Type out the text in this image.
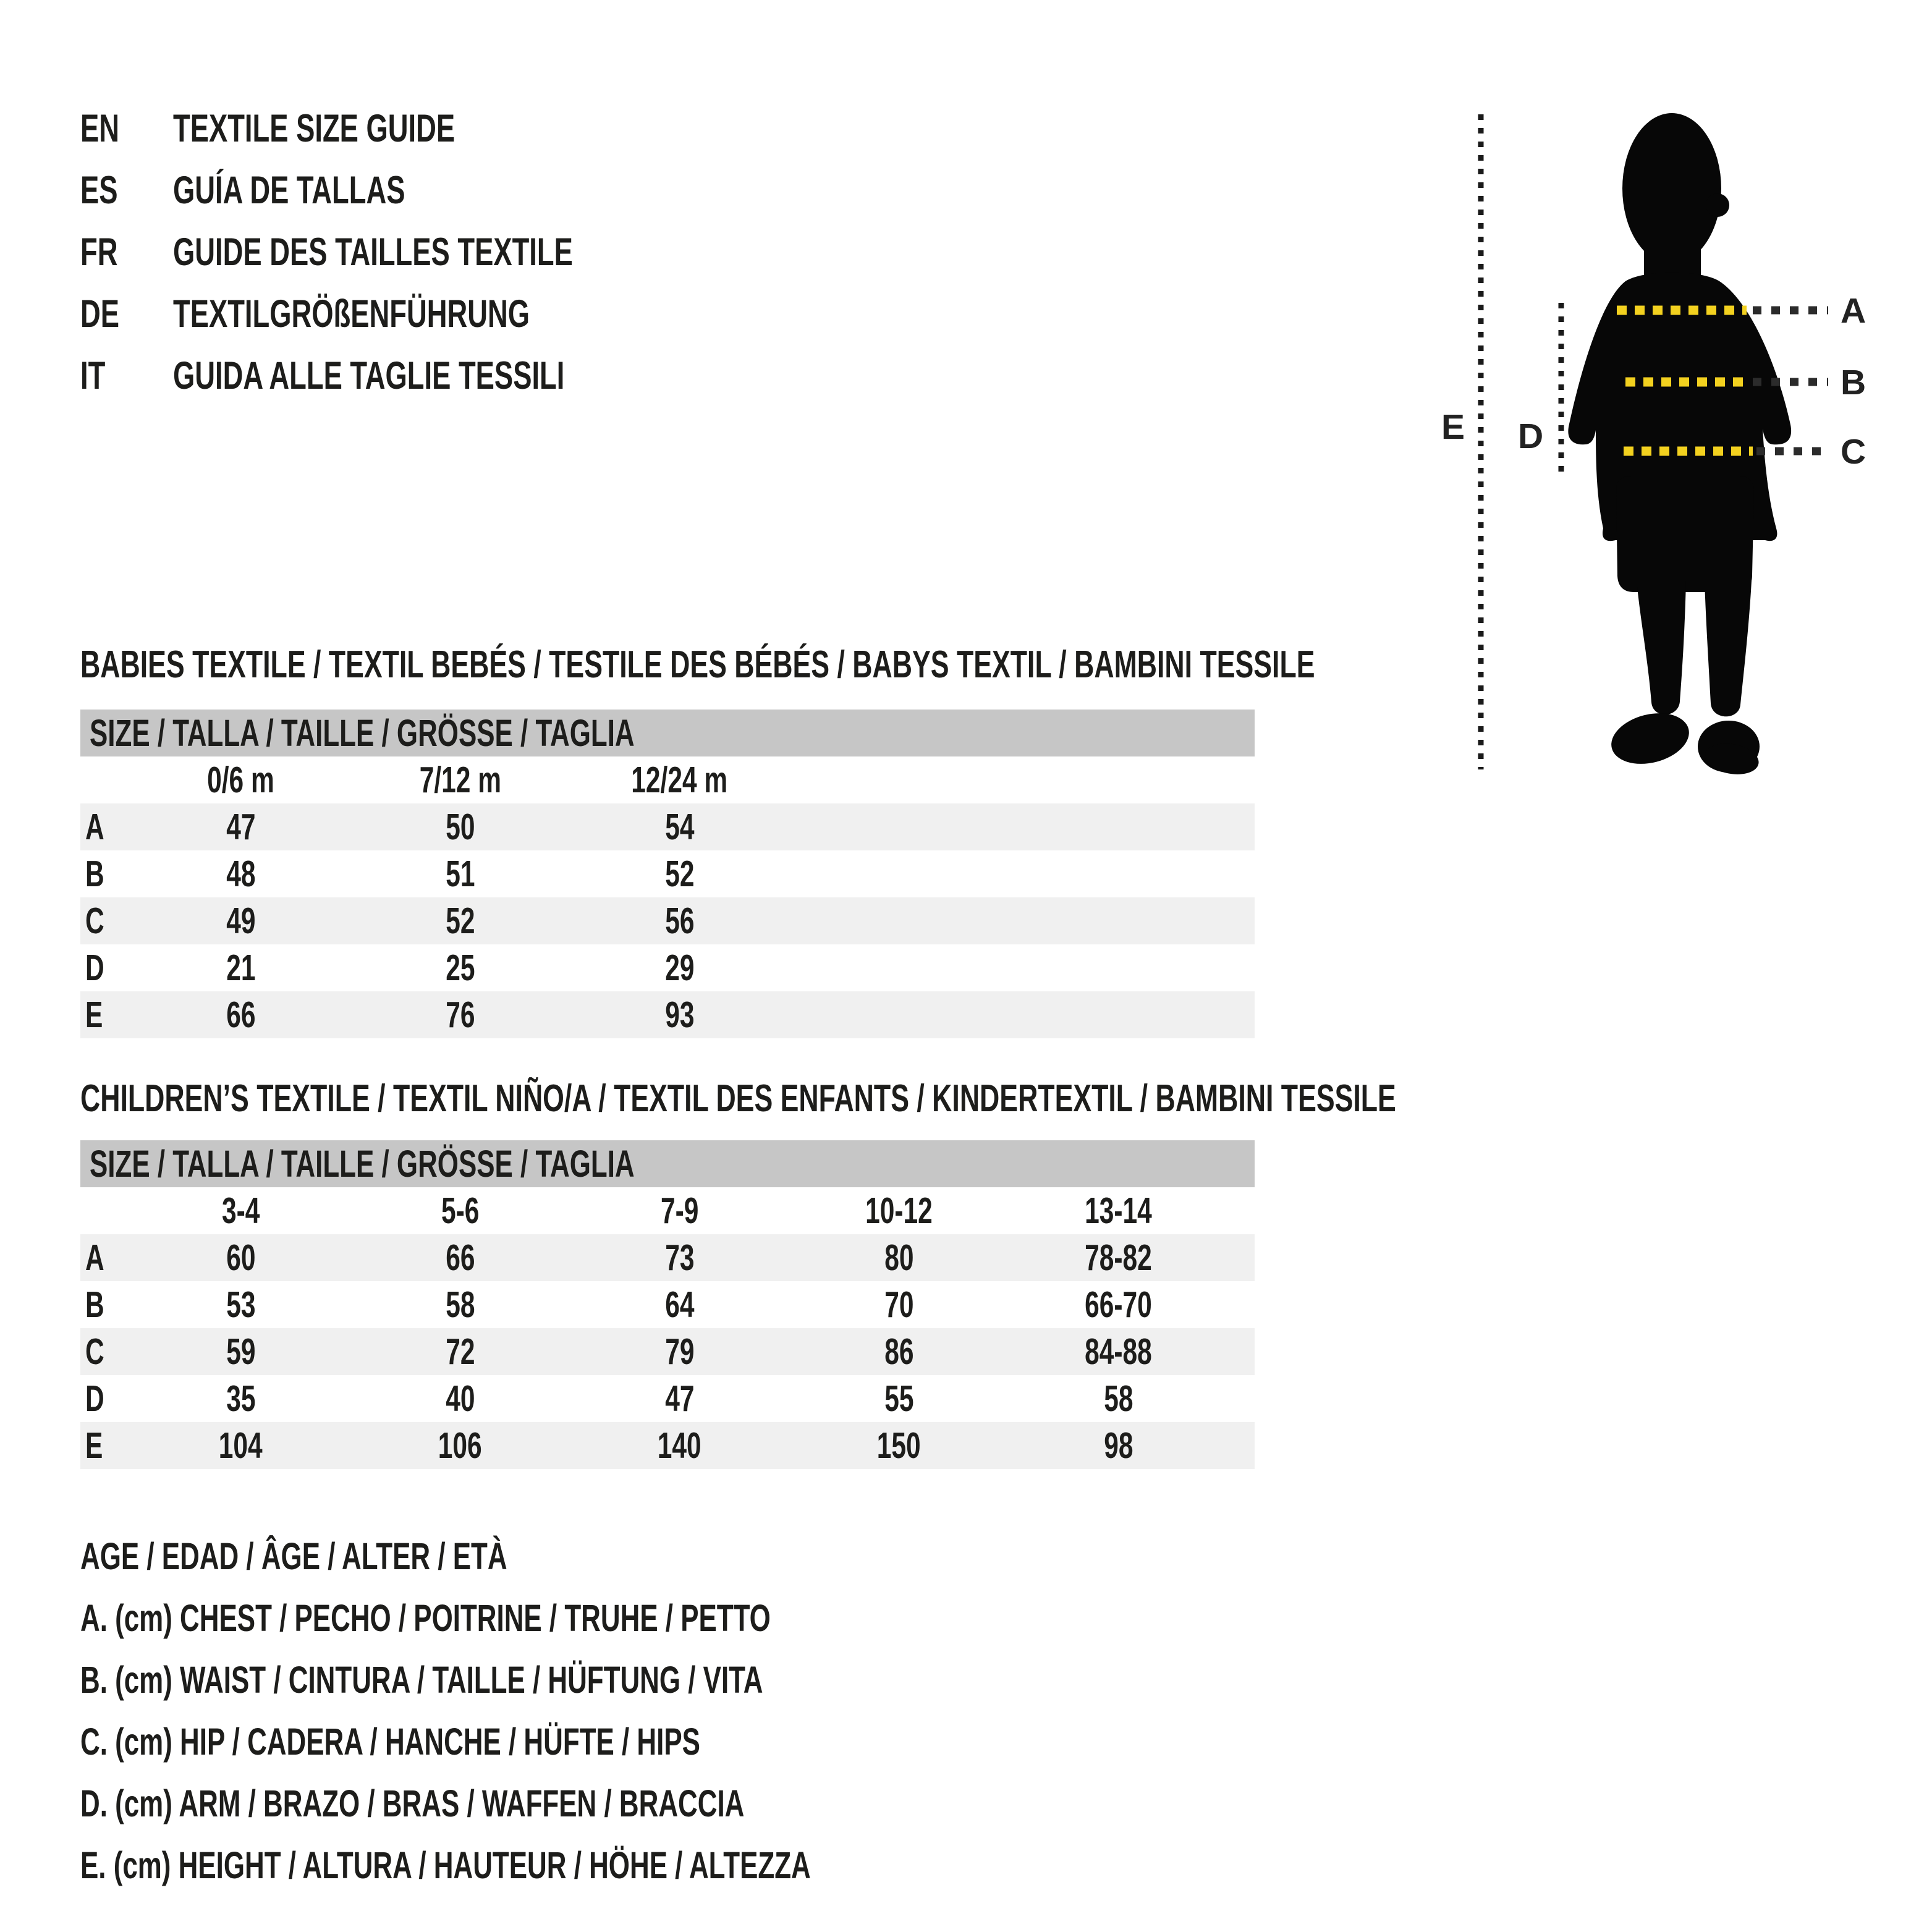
EN	TEXTILE SIZE GUIDE
ES	GUÍA DE TALLAS
FR	GUIDE DES TAILLES TEXTILE
DE	TEXTILGRÖßENFÜHRUNG
IT	GUIDA ALLE TAGLIE TESSILI
A
B
C
D
E
BABIES TEXTILE / TEXTIL BEBÉS / TESTILE DES BÉBÉS / BABYS TEXTIL / BAMBINI TESSILE
SIZE / TALLA / TAILLE / GRÖSSE / TAGLIA
	0/6 m	7/12 m	12/24 m	
A	47	50	54	
B	48	51	52	
C	49	52	56	
D	21	25	29	
E	66	76	93	
CHILDREN’S TEXTILE / TEXTIL NIÑO/A / TEXTIL DES ENFANTS / KINDERTEXTIL / BAMBINI TESSILE
SIZE / TALLA / TAILLE / GRÖSSE / TAGLIA
	3-4	5-6	7-9	10-12	13-14	
A	60	66	73	80	78-82	
B	53	58	64	70	66-70	
C	59	72	79	86	84-88	
D	35	40	47	55	58	
E	104	106	140	150	98	
AGE / EDAD / ÂGE / ALTER / ETÀ
A. (cm) CHEST / PECHO / POITRINE / TRUHE / PETTO
B. (cm) WAIST / CINTURA / TAILLE / HÜFTUNG / VITA
C. (cm) HIP / CADERA / HANCHE / HÜFTE / HIPS
D. (cm) ARM / BRAZO / BRAS / WAFFEN / BRACCIA
E. (cm) HEIGHT / ALTURA / HAUTEUR / HÖHE / ALTEZZA
